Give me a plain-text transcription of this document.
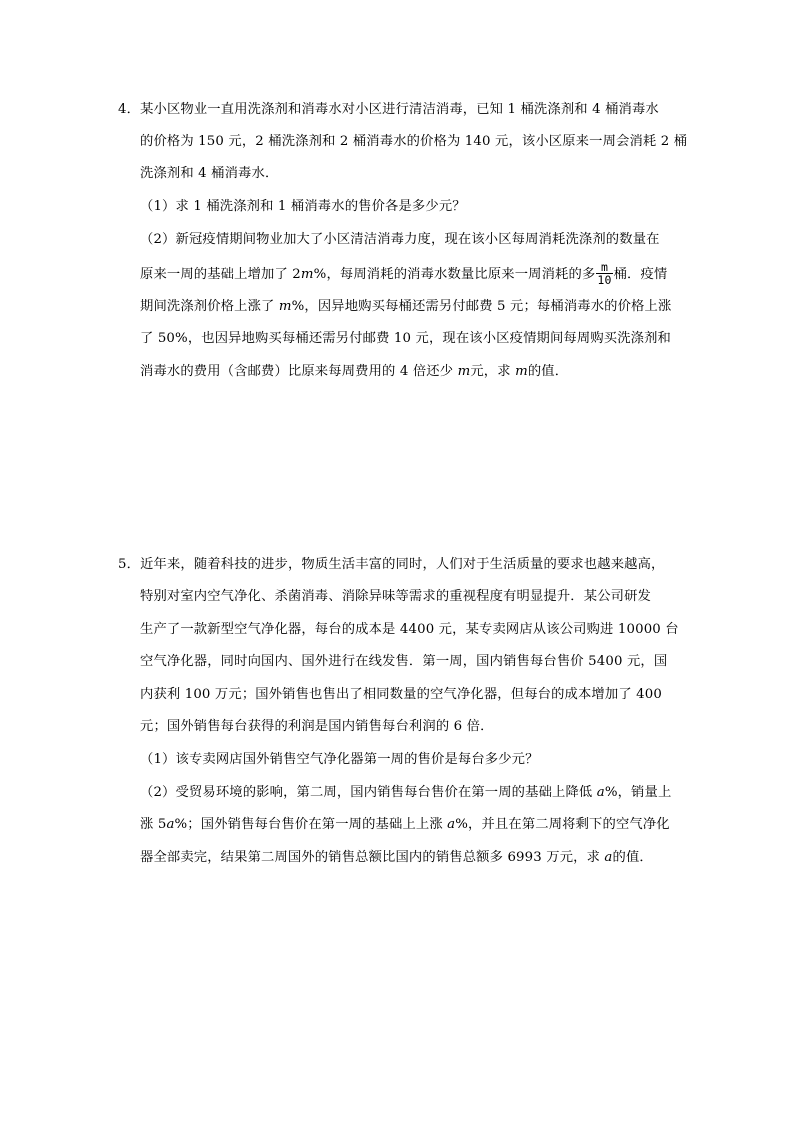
4．某小区物业一直用洗涤剂和消毒水对小区进行清洁消毒，已知 1 桶洗涤剂和 4 桶消毒水
的价格为 150 元，2 桶洗涤剂和 2 桶消毒水的价格为 140 元，该小区原来一周会消耗 2 桶
洗涤剂和 4 桶消毒水．
（1）求 1 桶洗涤剂和 1 桶消毒水的售价各是多少元？
（2）新冠疫情期间物业加大了小区清洁消毒力度，现在该小区每周消耗洗涤剂的数量在
原来一周的基础上增加了 2m%，每周消耗的消毒水数量比原来一周消耗的多 $\frac{m}{10}$ 桶．疫情
期间洗涤剂价格上涨了 m%，因异地购买每桶还需另付邮费 5 元；每桶消毒水的价格上涨
了 50%，也因异地购买每桶还需另付邮费 10 元，现在该小区疫情期间每周购买洗涤剂和
消毒水的费用（含邮费）比原来每周费用的 4 倍还少 m元，求 m的值．
5．近年来，随着科技的进步，物质生活丰富的同时，人们对于生活质量的要求也越来越高，
特别对室内空气净化、杀菌消毒、消除异味等需求的重视程度有明显提升．某公司研发
生产了一款新型空气净化器，每台的成本是 4400 元，某专卖网店从该公司购进 10000 台
空气净化器，同时向国内、国外进行在线发售．第一周，国内销售每台售价 5400 元，国
内获利 100 万元；国外销售也售出了相同数量的空气净化器，但每台的成本增加了 400
元；国外销售每台获得的利润是国内销售每台利润的 6 倍．
（1）该专卖网店国外销售空气净化器第一周的售价是每台多少元？
（2）受贸易环境的影响，第二周，国内销售每台售价在第一周的基础上降低 a%，销量上
涨 5a%；国外销售每台售价在第一周的基础上上涨 a%，并且在第二周将剩下的空气净化
器全部卖完，结果第二周国外的销售总额比国内的销售总额多 6993 万元，求 a的值．
